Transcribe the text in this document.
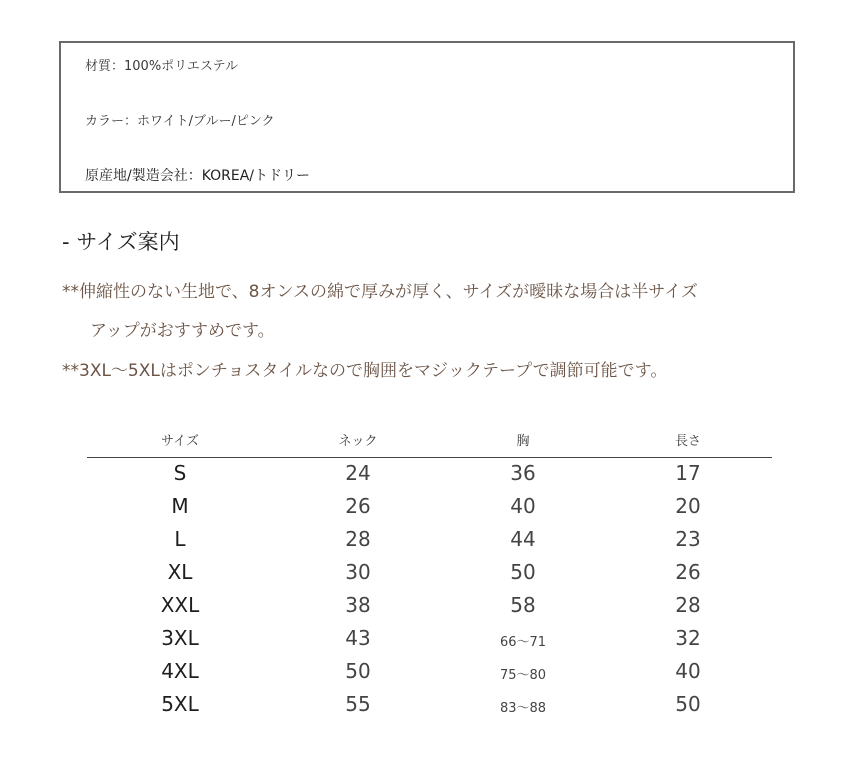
材質：100%ポリエステル
カラー：ホワイト/ブルー/ピンク
原産地/製造会社：KOREA/トドリー
- サイズ案内
**伸縮性のない生地で、8オンスの綿で厚みが厚く、サイズが曖昧な場合は半サイズ
アップがおすすめです。
**3XL～5XLはポンチョスタイルなので胸囲をマジックテープで調節可能です。
サイズ	ネック	胸	長さ
S	24	36	17
M	26	40	20
L	28	44	23
XL	30	50	26
XXL	38	58	28
3XL	43	66〜71	32
4XL	50	75〜80	40
5XL	55	83〜88	50
